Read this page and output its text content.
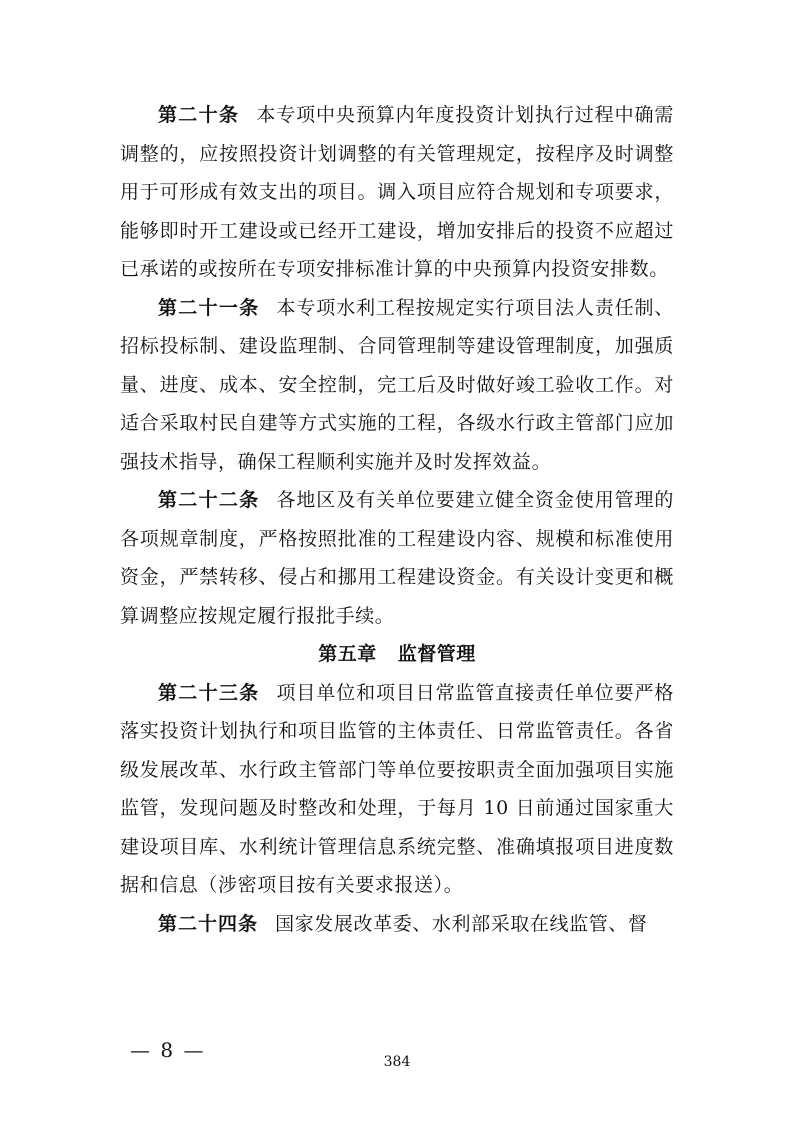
第二十条 本专项中央预算内年度投资计划执行过程中确需调整的，应按照投资计划调整的有关管理规定，按程序及时调整用于可形成有效支出的项目。调入项目应符合规划和专项要求，能够即时开工建设或已经开工建设，增加安排后的投资不应超过已承诺的或按所在专项安排标准计算的中央预算内投资安排数。

第二十一条 本专项水利工程按规定实行项目法人责任制、招标投标制、建设监理制、合同管理制等建设管理制度，加强质量、进度、成本、安全控制，完工后及时做好竣工验收工作。对适合采取村民自建等方式实施的工程，各级水行政主管部门应加强技术指导，确保工程顺利实施并及时发挥效益。

第二十二条 各地区及有关单位要建立健全资金使用管理的各项规章制度，严格按照批准的工程建设内容、规模和标准使用资金，严禁转移、侵占和挪用工程建设资金。有关设计变更和概算调整应按规定履行报批手续。

第五章 监督管理

第二十三条 项目单位和项目日常监管直接责任单位要严格落实投资计划执行和项目监管的主体责任、日常监管责任。各省级发展改革、水行政主管部门等单位要按职责全面加强项目实施监管，发现问题及时整改和处理，于每月 10 日前通过国家重大建设项目库、水利统计管理信息系统完整、准确填报项目进度数据和信息（涉密项目按有关要求报送）。

第二十四条 国家发展改革委、水利部采取在线监管、督

— 8 —	384
